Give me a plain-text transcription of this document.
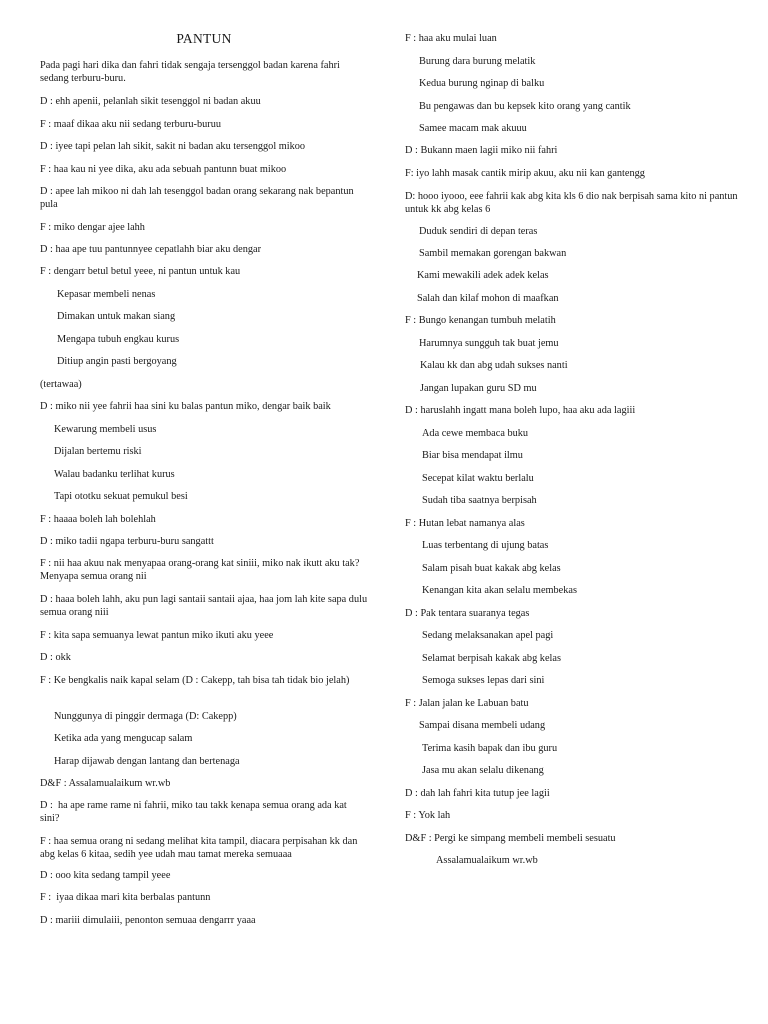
PANTUN
Pada pagi hari dika dan fahri tidak sengaja tersenggol badan karena fahri sedang terburu-buru.
D : ehh apenii, pelanlah sikit tesenggol ni badan akuu
F : maaf dikaa aku nii sedang terburu-buruu
D : iyee tapi pelan lah sikit, sakit ni badan aku tersenggol mikoo
F : haa kau ni yee dika, aku ada sebuah pantunn buat mikoo
D : apee lah mikoo ni dah lah tesenggol badan orang sekarang nak bepantun pula
F : miko dengar ajee lahh
D : haa ape tuu pantunnyee cepatlahh biar aku dengar
F : dengarr betul betul yeee, ni pantun untuk kau
Kepasar membeli nenas
Dimakan untuk makan siang
Mengapa tubuh engkau kurus
Ditiup angin pasti bergoyang
(tertawaa)
D : miko nii yee fahrii haa sini ku balas pantun miko, dengar baik baik
Kewarung membeli usus
Dijalan bertemu riski
Walau badanku terlihat kurus
Tapi ototku sekuat pemukul besi
F : haaaa boleh lah bolehlah
D : miko tadii ngapa terburu-buru sangattt
F : nii haa akuu nak menyapaa orang-orang kat siniii, miko nak ikutt aku tak? Menyapa semua orang nii
D : haaa boleh lahh, aku pun lagi santaii santaii ajaa, haa jom lah kite sapa dulu semua orang niii
F : kita sapa semuanya lewat pantun miko ikuti aku yeee
D : okk
F : Ke bengkalis naik kapal selam (D : Cakepp, tah bisa tah tidak bio jelah)
Nunggunya di pinggir dermaga (D: Cakepp)
Ketika ada yang mengucap salam
Harap dijawab dengan lantang dan bertenaga
D&F : Assalamualaikum wr.wb
D :  ha ape rame rame ni fahrii, miko tau takk kenapa semua orang ada kat sini?
F : haa semua orang ni sedang melihat kita tampil, diacara perpisahan kk dan abg kelas 6 kitaa, sedih yee udah mau tamat mereka semuaaa
D : ooo kita sedang tampil yeee
F :  iyaa dikaa mari kita berbalas pantunn
D : mariii dimulaiii, penonton semuaa dengarrr yaaa
F : haa aku mulai luan
Burung dara burung melatik
Kedua burung nginap di balku
Bu pengawas dan bu kepsek kito orang yang cantik
Samee macam mak akuuu
D : Bukann maen lagii miko nii fahri
F: iyo lahh masak cantik mirip akuu, aku nii kan gantengg
D: hooo iyooo, eee fahrii kak abg kita kls 6 dio nak berpisah sama kito ni pantun untuk kk abg kelas 6
Duduk sendiri di depan teras
Sambil memakan gorengan bakwan
Kami mewakili adek adek kelas
Salah dan kilaf mohon di maafkan
F : Bungo kenangan tumbuh melatih
Harumnya sungguh tak buat jemu
Kalau kk dan abg udah sukses nanti
Jangan lupakan guru SD mu
D : haruslahh ingatt mana boleh lupo, haa aku ada lagiii
Ada cewe membaca buku
Biar bisa mendapat ilmu
Secepat kilat waktu berlalu
Sudah tiba saatnya berpisah
F : Hutan lebat namanya alas
Luas terbentang di ujung batas
Salam pisah buat kakak abg kelas
Kenangan kita akan selalu membekas
D : Pak tentara suaranya tegas
Sedang melaksanakan apel pagi
Selamat berpisah kakak abg kelas
Semoga sukses lepas dari sini
F : Jalan jalan ke Labuan batu
Sampai disana membeli udang
Terima kasih bapak dan ibu guru
Jasa mu akan selalu dikenang
D : dah lah fahri kita tutup jee lagii
F : Yok lah
D&F : Pergi ke simpang membeli membeli sesuatu
Assalamualaikum wr.wb
